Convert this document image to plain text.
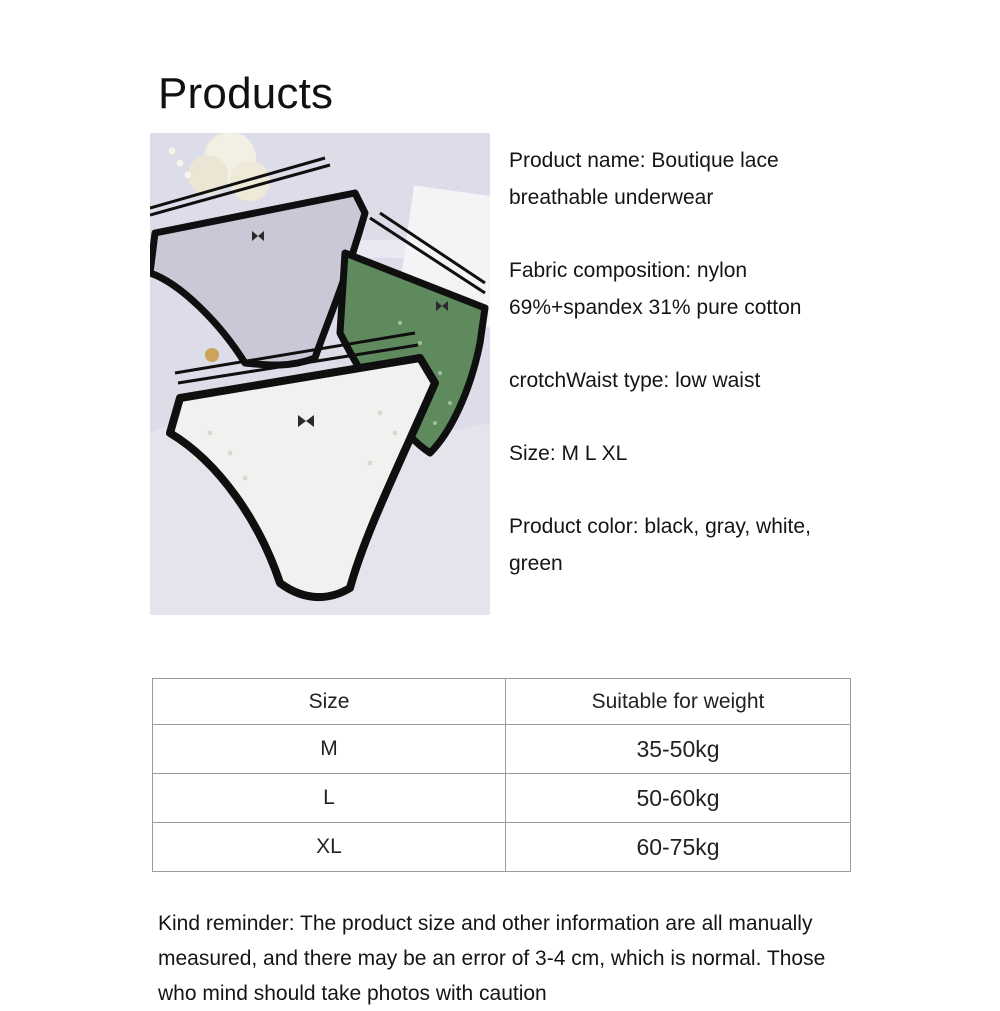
Products

Product name: Boutique lace breathable underwear

Fabric composition: nylon 69%+spandex 31% pure cotton

crotchWaist type: low waist

Size: M L XL

Product color: black, gray, white, green

Size	Suitable for weight
M	35-50kg
L	50-60kg
XL	60-75kg

Kind reminder: The product size and other information are all manually measured, and there may be an error of 3-4 cm, which is normal. Those who mind should take photos with caution
